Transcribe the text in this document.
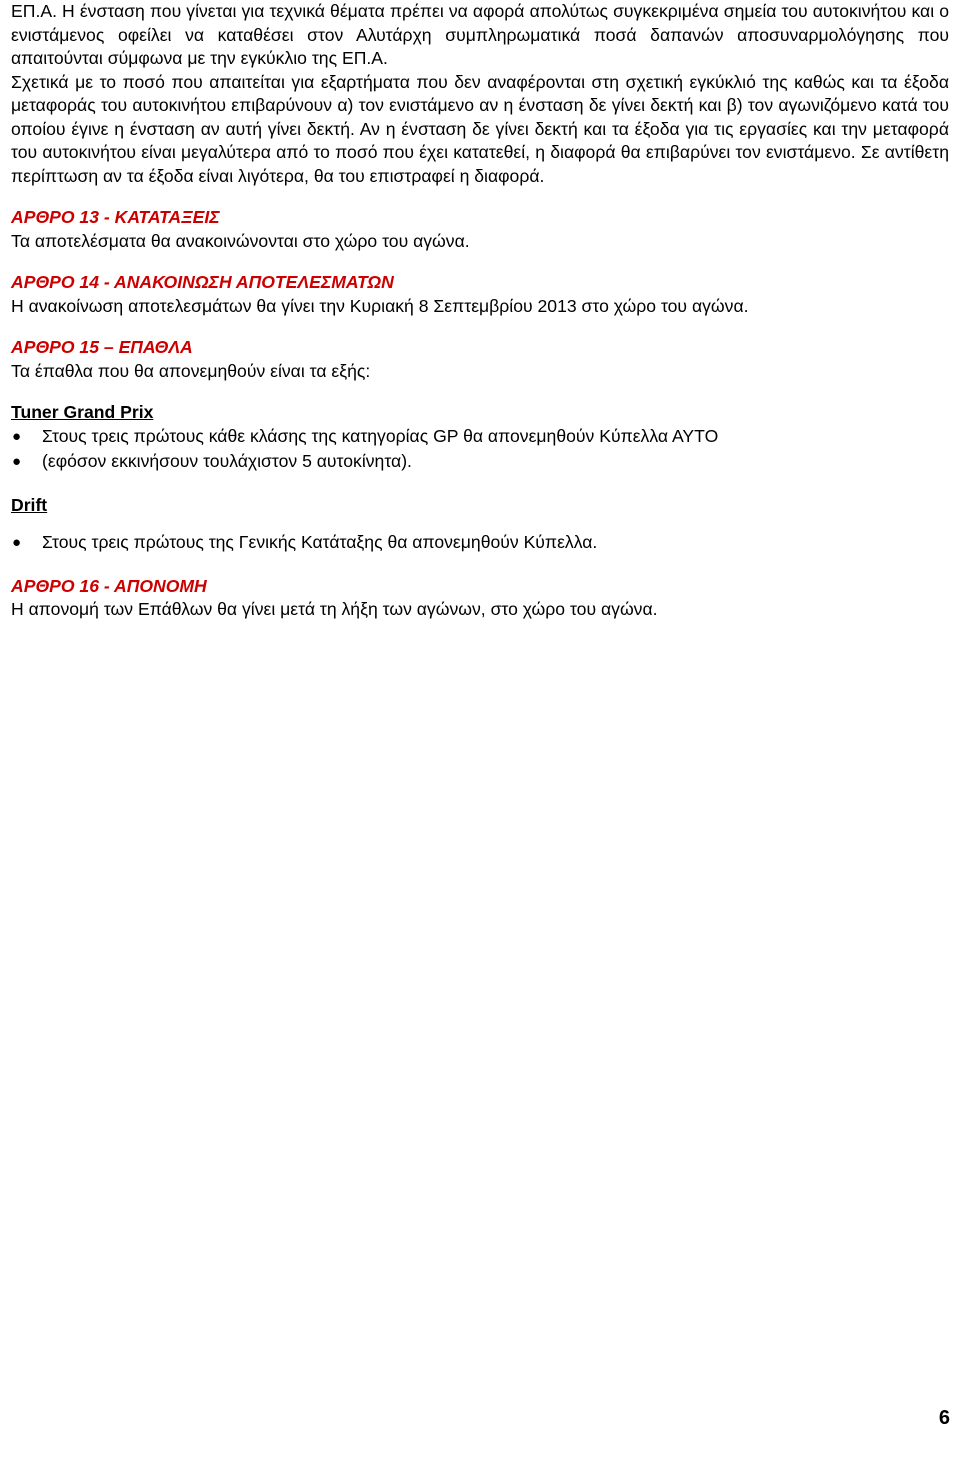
ΕΠ.Α. Η ένσταση που γίνεται για τεχνικά θέματα πρέπει να αφορά απολύτως συγκεκριμένα σημεία του αυτοκινήτου και ο ενιστάμενος οφείλει να καταθέσει στον Αλυτάρχη συμπληρωματικά ποσά δαπανών αποσυναρμολόγησης που απαιτούνται σύμφωνα με την εγκύκλιο της ΕΠ.Α.

Σχετικά με το ποσό που απαιτείται για εξαρτήματα που δεν αναφέρονται στη σχετική εγκύκλιό της καθώς και τα έξοδα μεταφοράς του αυτοκινήτου επιβαρύνουν α) τον ενιστάμενο αν η ένσταση δε γίνει δεκτή και β) τον αγωνιζόμενο κατά του οποίου έγινε η ένσταση αν αυτή γίνει δεκτή. Αν η ένσταση δε γίνει δεκτή και τα έξοδα για τις εργασίες και την μεταφορά του αυτοκινήτου είναι μεγαλύτερα από το ποσό που έχει κατατεθεί, η διαφορά θα επιβαρύνει τον ενιστάμενο. Σε αντίθετη περίπτωση αν τα έξοδα είναι λιγότερα, θα του επιστραφεί η διαφορά.

ΑΡΘΡΟ 13 - ΚΑΤΑΤΑΞΕΙΣ

Τα αποτελέσματα θα ανακοινώνονται στο χώρο του αγώνα.

ΑΡΘΡΟ 14 - ΑΝΑΚΟΙΝΩΣΗ ΑΠΟΤΕΛΕΣΜΑΤΩΝ

Η ανακοίνωση αποτελεσμάτων θα γίνει την Κυριακή 8 Σεπτεμβρίου 2013 στο χώρο του αγώνα.

ΑΡΘΡΟ 15 – ΕΠΑΘΛΑ

Τα έπαθλα που θα απονεμηθούν είναι τα εξής:

Tuner Grand Prix

● Στους τρεις πρώτους κάθε κλάσης της κατηγορίας GP θα απονεμηθούν Κύπελλα ΑΥΤΟ
● (εφόσον εκκινήσουν τουλάχιστον 5 αυτοκίνητα).

Drift

● Στους τρεις πρώτους της Γενικής Κατάταξης θα απονεμηθούν Κύπελλα.

ΑΡΘΡΟ 16 - ΑΠΟΝΟΜΗ

Η απονομή των Επάθλων θα γίνει μετά τη λήξη των αγώνων, στο χώρο του αγώνα.

6
